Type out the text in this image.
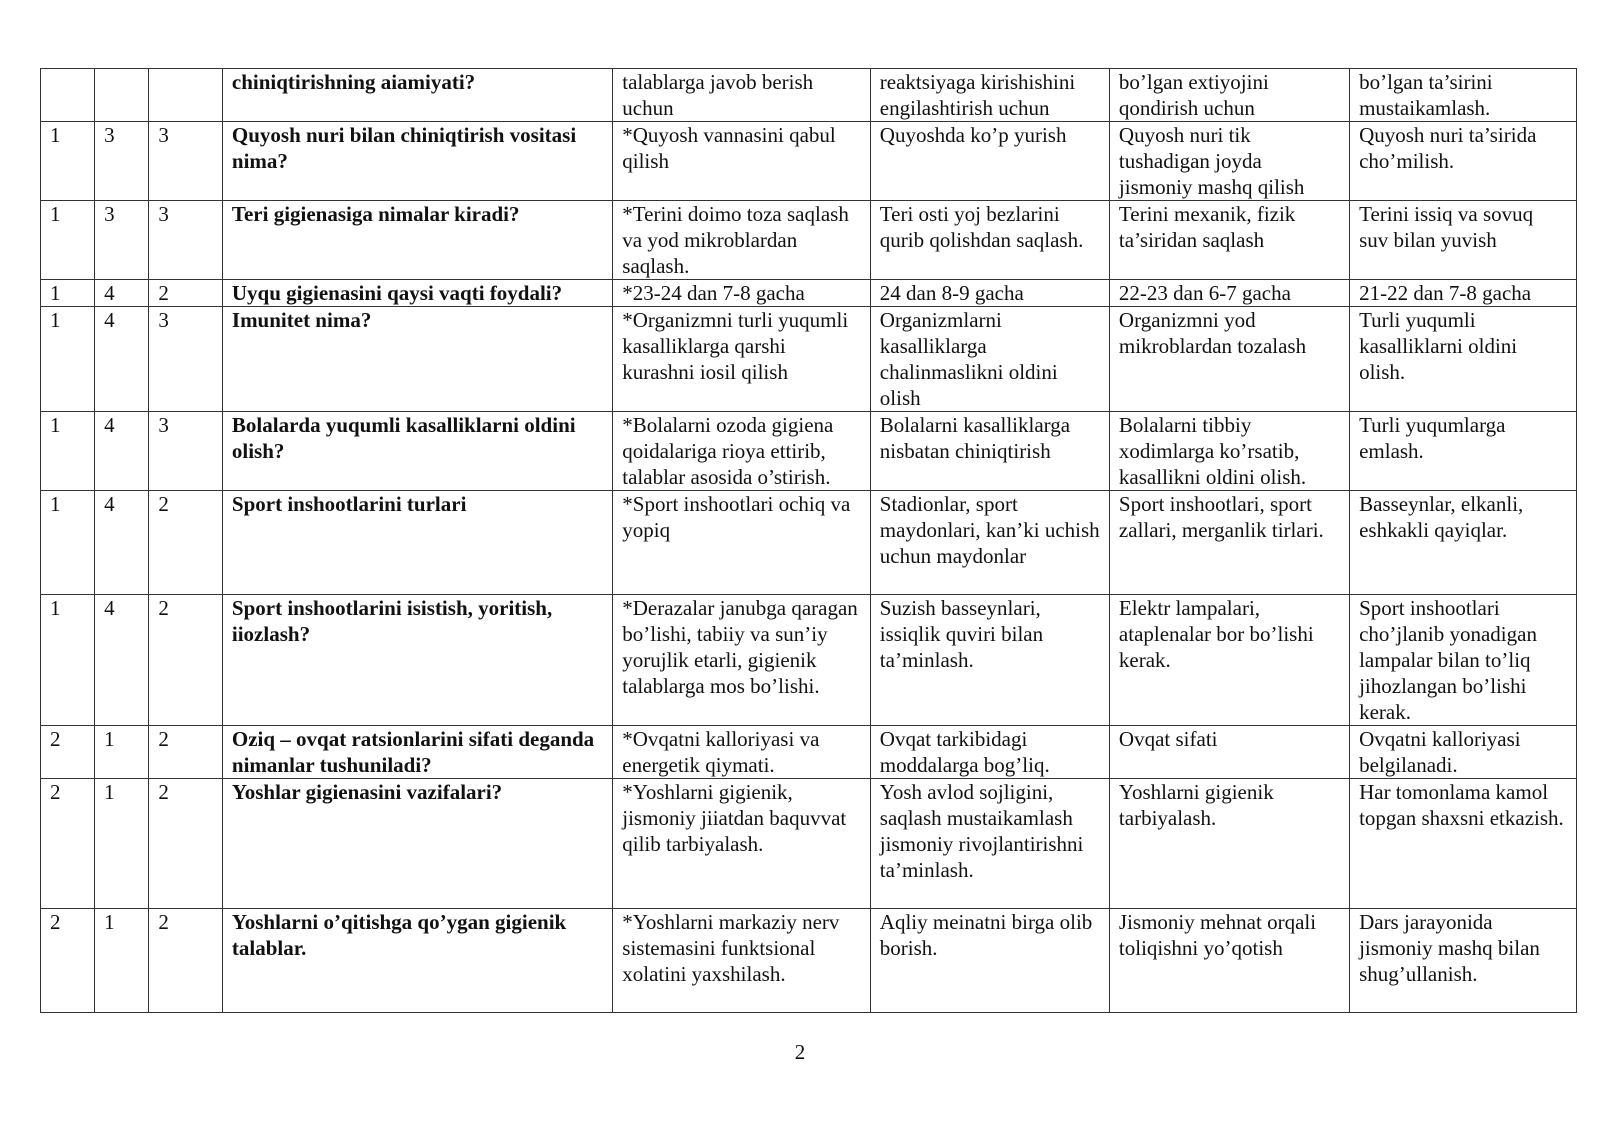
			chiniqtirishning aiamiyati?	talablarga javob berish uchun	reaktsiyaga kirishishini engilashtirish uchun	bo’lgan extiyojini qondirish uchun	bo’lgan ta’sirini mustaikamlash.
1	3	3	Quyosh nuri bilan chiniqtirish vositasi nima?	*Quyosh vannasini qabul qilish	Quyoshda ko’p yurish	Quyosh nuri tik tushadigan joyda jismoniy mashq qilish	Quyosh nuri ta’sirida cho’milish.
1	3	3	Teri gigienasiga nimalar kiradi?	*Terini doimo toza saqlash va yod mikroblardan saqlash.	Teri osti yoj bezlarini qurib qolishdan saqlash.	Terini mexanik, fizik ta’siridan saqlash	Terini issiq va sovuq suv bilan yuvish
1	4	2	Uyqu gigienasini qaysi vaqti foydali?	*23-24 dan 7-8 gacha	24 dan 8-9 gacha	22-23 dan 6-7 gacha	21-22 dan 7-8 gacha
1	4	3	Imunitet nima?	*Organizmni turli yuqumli kasalliklarga qarshi kurashni iosil qilish	Organizmlarni kasalliklarga chalinmaslikni oldini olish	Organizmni yod mikroblardan tozalash	Turli yuqumli kasalliklarni oldini olish.
1	4	3	Bolalarda yuqumli kasalliklarni oldini olish?	*Bolalarni ozoda gigiena qoidalariga rioya ettirib, talablar asosida o’stirish.	Bolalarni kasalliklarga nisbatan chiniqtirish	Bolalarni tibbiy xodimlarga ko’rsatib, kasallikni oldini olish.	Turli yuqumlarga emlash.
1	4	2	Sport inshootlarini turlari	*Sport inshootlari ochiq va yopiq	Stadionlar, sport maydonlari, kan’ki uchish uchun maydonlar	Sport inshootlari, sport zallari, merganlik tirlari.	Basseynlar, elkanli, eshkakli qayiqlar.
1	4	2	Sport inshootlarini isistish, yoritish, iiozlash?	*Derazalar janubga qaragan bo’lishi, tabiiy va sun’iy yorujlik etarli, gigienik talablarga mos bo’lishi.	Suzish basseynlari, issiqlik quviri bilan ta’minlash.	Elektr lampalari, ataplenalar bor bo’lishi kerak.	Sport inshootlari cho’jlanib yonadigan lampalar bilan to’liq jihozlangan bo’lishi kerak.
2	1	2	Oziq – ovqat ratsionlarini sifati deganda nimanlar tushuniladi?	*Ovqatni kalloriyasi va energetik qiymati.	Ovqat tarkibidagi moddalarga bog’liq.	Ovqat sifati	Ovqatni kalloriyasi belgilanadi.
2	1	2	Yoshlar gigienasini vazifalari?	*Yoshlarni gigienik, jismoniy jiiatdan baquvvat qilib tarbiyalash.	Yosh avlod sojligini, saqlash mustaikamlash jismoniy rivojlantirishni ta’minlash.	Yoshlarni gigienik tarbiyalash.	Har tomonlama kamol topgan shaxsni etkazish.
2	1	2	Yoshlarni o’qitishga qo’ygan gigienik talablar.	*Yoshlarni markaziy nerv sistemasini funktsional xolatini yaxshilash.	Aqliy meinatni birga olib borish.	Jismoniy mehnat orqali toliqishni yo’qotish	Dars jarayonida jismoniy mashq bilan shug’ullanish.
2
